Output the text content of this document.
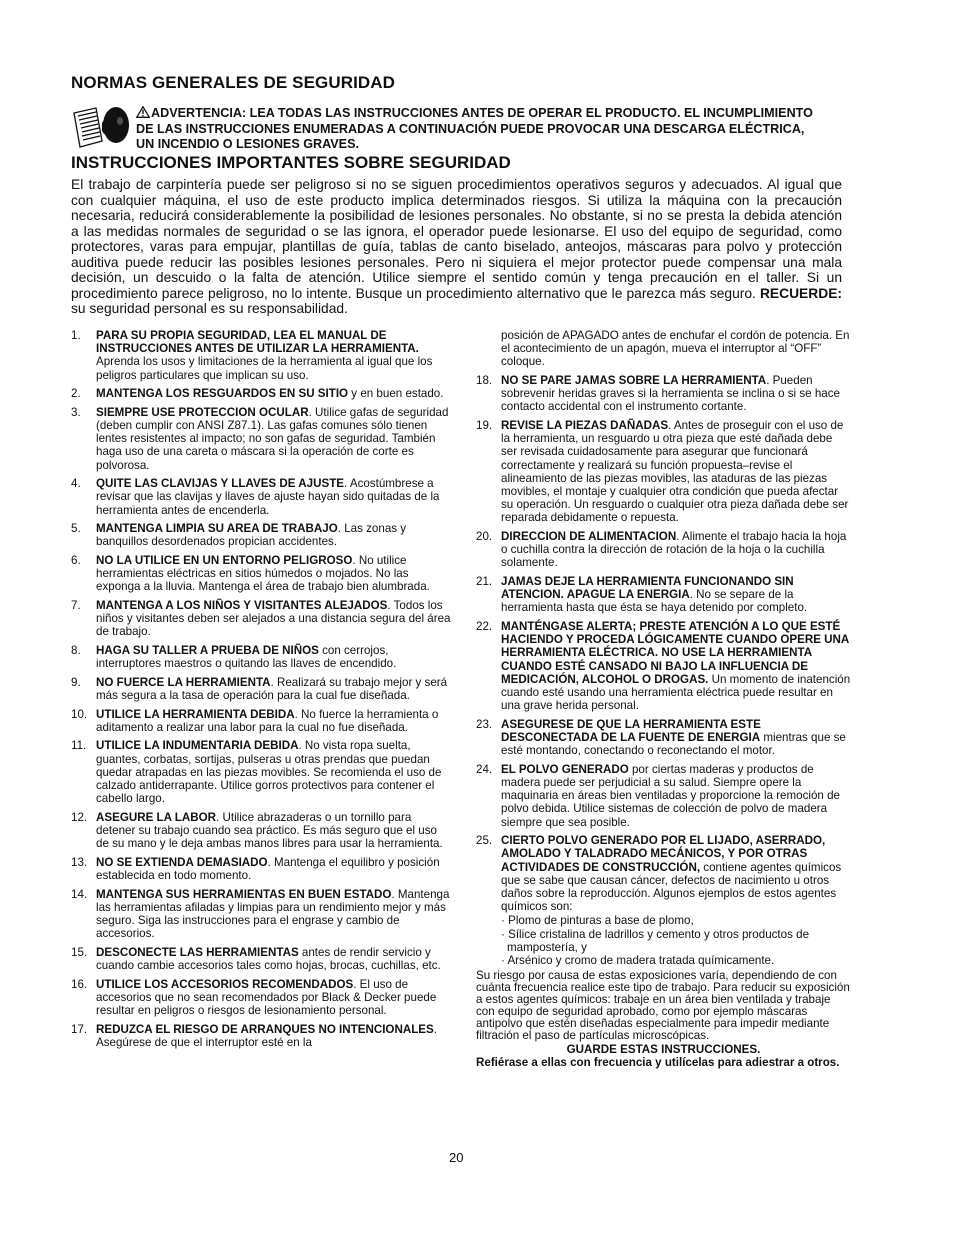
NORMAS GENERALES DE SEGURIDAD
ADVERTENCIA: LEA TODAS LAS INSTRUCCIONES ANTES DE OPERAR EL PRODUCTO. EL INCUMPLIMIENTO DE LAS INSTRUCCIONES ENUMERADAS A CONTINUACIÓN PUEDE PROVOCAR UNA DESCARGA ELÉCTRICA, UN INCENDIO O LESIONES GRAVES.
INSTRUCCIONES IMPORTANTES SOBRE SEGURIDAD
El trabajo de carpintería puede ser peligroso si no se siguen procedimientos operativos seguros y adecuados. Al igual que con cualquier máquina, el uso de este producto implica determinados riesgos. Si utiliza la máquina con la precaución necesaria, reducirá considerablemente la posibilidad de lesiones personales. No obstante, si no se presta la debida atención a las medidas normales de seguridad o se las ignora, el operador puede lesionarse. El uso del equipo de seguridad, como protectores, varas para empujar, plantillas de guía, tablas de canto biselado, anteojos, máscaras para polvo y protección auditiva puede reducir las posibles lesiones personales. Pero ni siquiera el mejor protector puede compensar una mala decisión, un descuido o la falta de atención. Utilice siempre el sentido común y tenga precaución en el taller. Si un procedimiento parece peligroso, no lo intente. Busque un procedimiento alternativo que le parezca más seguro. RECUERDE: su seguridad personal es su responsabilidad.
1. PARA SU PROPIA SEGURIDAD, LEA EL MANUAL DE INSTRUCCIONES ANTES DE UTILIZAR LA HERRAMIENTA. Aprenda los usos y limitaciones de la herramienta al igual que los peligros particulares que implican su uso.
2. MANTENGA LOS RESGUARDOS EN SU SITIO y en buen estado.
3. SIEMPRE USE PROTECCION OCULAR. Utilice gafas de seguridad (deben cumplir con ANSI Z87.1). Las gafas comunes sólo tienen lentes resistentes al impacto; no son gafas de seguridad. También haga uso de una careta o máscara si la operación de corte es polvorosa.
4. QUITE LAS CLAVIJAS Y LLAVES DE AJUSTE. Acostúmbrese a revisar que las clavijas y llaves de ajuste hayan sido quitadas de la herramienta antes de encenderla.
5. MANTENGA LIMPIA SU AREA DE TRABAJO. Las zonas y banquillos desordenados propician accidentes.
6. NO LA UTILICE EN UN ENTORNO PELIGROSO. No utilice herramientas eléctricas en sitios húmedos o mojados. No las exponga a la lluvia. Mantenga el área de trabajo bien alumbrada.
7. MANTENGA A LOS NIÑOS Y VISITANTES ALEJADOS. Todos los niños y visitantes deben ser alejados a una distancia segura del área de trabajo.
8. HAGA SU TALLER A PRUEBA DE NIÑOS con cerrojos, interruptores maestros o quitando las llaves de encendido.
9. NO FUERCE LA HERRAMIENTA. Realizará su trabajo mejor y será más segura a la tasa de operación para la cual fue diseñada.
10. UTILICE LA HERRAMIENTA DEBIDA. No fuerce la herramienta o aditamento a realizar una labor para la cual no fue diseñada.
11. UTILICE LA INDUMENTARIA DEBIDA. No vista ropa suelta, guantes, corbatas, sortijas, pulseras u otras prendas que puedan quedar atrapadas en las piezas movibles. Se recomienda el uso de calzado antiderrapante. Utilice gorros protectivos para contener el cabello largo.
12. ASEGURE LA LABOR. Utilice abrazaderas o un tornillo para detener su trabajo cuando sea práctico. Es más seguro que el uso de su mano y le deja ambas manos libres para usar la herramienta.
13. NO SE EXTIENDA DEMASIADO. Mantenga el equilibro y posición establecida en todo momento.
14. MANTENGA SUS HERRAMIENTAS EN BUEN ESTADO. Mantenga las herramientas afiladas y limpias para un rendimiento mejor y más seguro. Siga las instrucciones para el engrase y cambio de accesorios.
15. DESCONECTE LAS HERRAMIENTAS antes de rendir servicio y cuando cambie accesorios tales como hojas, brocas, cuchillas, etc.
16. UTILICE LOS ACCESORIOS RECOMENDADOS. El uso de accesorios que no sean recomendados por Black & Decker puede resultar en peligros o riesgos de lesionamiento personal.
17. REDUZCA EL RIESGO DE ARRANQUES NO INTENCIONALES. Asegúrese de que el interruptor esté en la
posición de APAGADO antes de enchufar el cordón de potencia. En el acontecimiento de un apagón, mueva el interruptor al “OFF” coloque.
18. NO SE PARE JAMAS SOBRE LA HERRAMIENTA. Pueden sobrevenir heridas graves si la herramienta se inclina o si se hace contacto accidental con el instrumento cortante.
19. REVISE LA PIEZAS DAÑADAS. Antes de proseguir con el uso de la herramienta, un resguardo u otra pieza que esté dañada debe ser revisada cuidadosamente para asegurar que funcionará correctamente y realizará su función propuesta–revise el alineamiento de las piezas movibles, las ataduras de las piezas movibles, el montaje y cualquier otra condición que pueda afectar su operación. Un resguardo o cualquier otra pieza dañada debe ser reparada debidamente o repuesta.
20. DIRECCION DE ALIMENTACION. Alimente el trabajo hacia la hoja o cuchilla contra la dirección de rotación de la hoja o la cuchilla solamente.
21. JAMAS DEJE LA HERRAMIENTA FUNCIONANDO SIN ATENCION. APAGUE LA ENERGIA. No se separe de la herramienta hasta que ésta se haya detenido por completo.
22. MANTÉNGASE ALERTA; PRESTE ATENCIÓN A LO QUE ESTÉ HACIENDO Y PROCEDA LÓGICAMENTE CUANDO OPERE UNA HERRAMIENTA ELÉCTRICA. NO USE LA HERRAMIENTA CUANDO ESTÉ CANSADO NI BAJO LA INFLUENCIA DE MEDICACIÓN, ALCOHOL O DROGAS. Un momento de inatención cuando esté usando una herramienta eléctrica puede resultar en una grave herida personal.
23. ASEGURESE DE QUE LA HERRAMIENTA ESTE DESCONECTADA DE LA FUENTE DE ENERGIA mientras que se esté montando, conectando o reconectando el motor.
24. EL POLVO GENERADO por ciertas maderas y productos de madera puede ser perjudicial a su salud. Siempre opere la maquinaria en áreas bien ventiladas y proporcione la remoción de polvo debida. Utilice sistemas de colección de polvo de madera siempre que sea posible.
25. CIERTO POLVO GENERADO POR EL LIJADO, ASERRADO, AMOLADO Y TALADRADO MECÁNICOS, Y POR OTRAS ACTIVIDADES DE CONSTRUCCIÓN, contiene agentes químicos que se sabe que causan cáncer, defectos de nacimiento u otros daños sobre la reproducción. Algunos ejemplos de estos agentes químicos son:
· Plomo de pinturas a base de plomo,
· Sílice cristalina de ladrillos y cemento y otros productos de mampostería, y
· Arsénico y cromo de madera tratada químicamente.
Su riesgo por causa de estas exposiciones varía, dependiendo de con cuánta frecuencia realice este tipo de trabajo. Para reducir su exposición a estos agentes químicos: trabaje en un área bien ventilada y trabaje con equipo de seguridad aprobado, como por ejemplo máscaras antipolvo que estén diseñadas especialmente para impedir mediante filtración el paso de partículas microscópicas.
GUARDE ESTAS INSTRUCCIONES.
Refiérase a ellas con frecuencia y utilícelas para adiestrar a otros.
20
